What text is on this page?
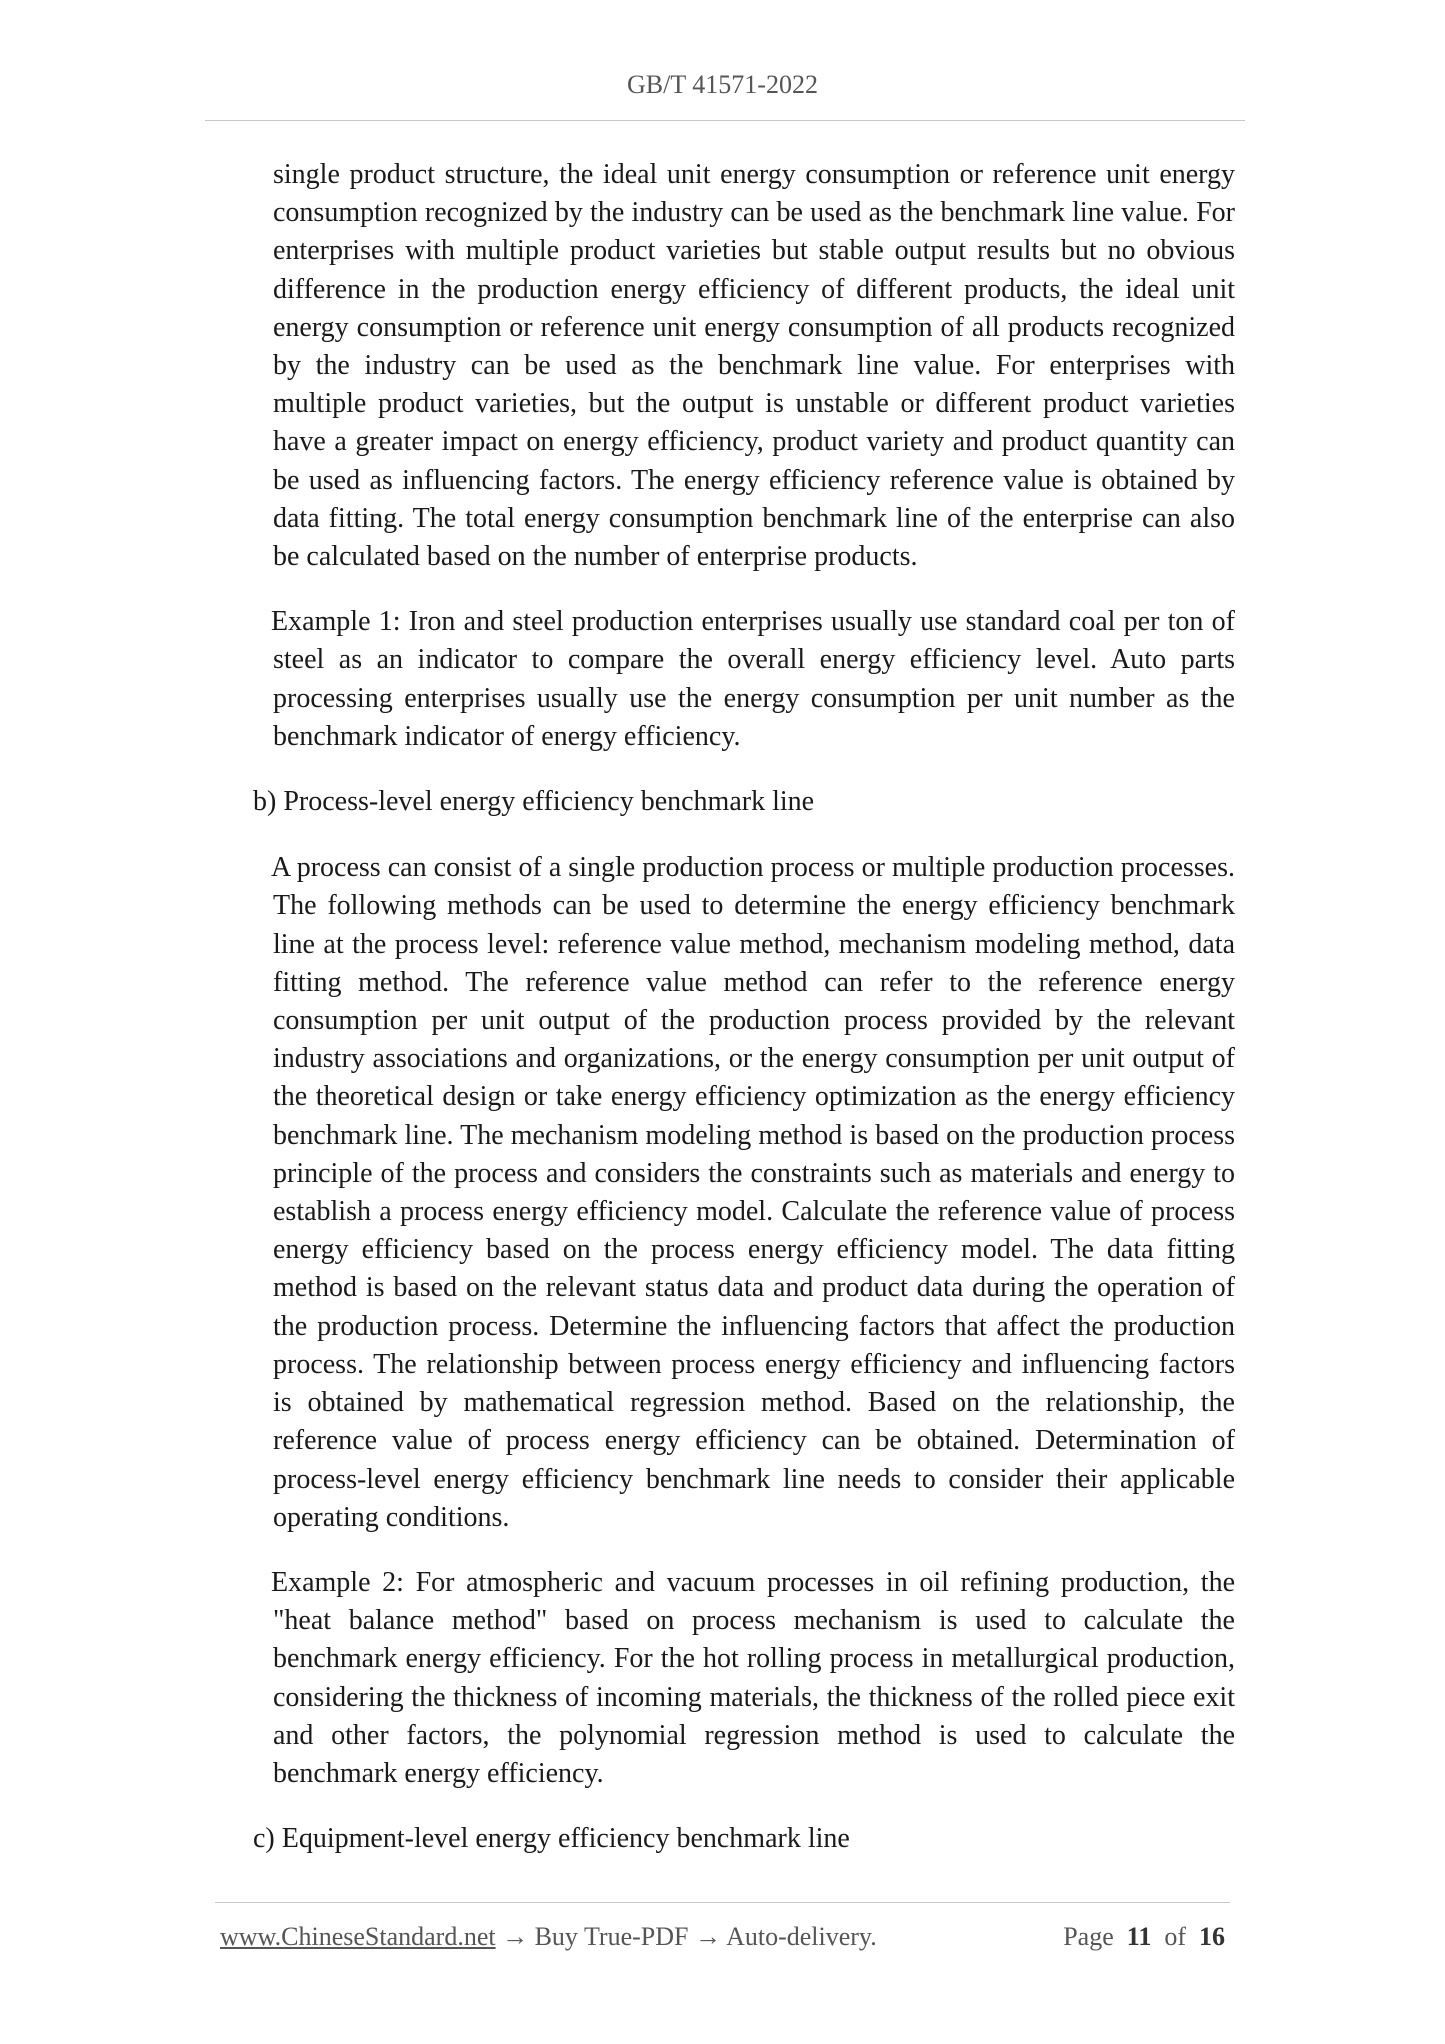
GB/T 41571-2022

single product structure, the ideal unit energy consumption or reference unit energy consumption recognized by the industry can be used as the benchmark line value. For enterprises with multiple product varieties but stable output results but no obvious difference in the production energy efficiency of different products, the ideal unit energy consumption or reference unit energy consumption of all products recognized by the industry can be used as the benchmark line value. For enterprises with multiple product varieties, but the output is unstable or different product varieties have a greater impact on energy efficiency, product variety and product quantity can be used as influencing factors. The energy efficiency reference value is obtained by data fitting. The total energy consumption benchmark line of the enterprise can also be calculated based on the number of enterprise products.

Example 1: Iron and steel production enterprises usually use standard coal per ton of steel as an indicator to compare the overall energy efficiency level. Auto parts processing enterprises usually use the energy consumption per unit number as the benchmark indicator of energy efficiency.

b) Process-level energy efficiency benchmark line

A process can consist of a single production process or multiple production processes. The following methods can be used to determine the energy efficiency benchmark line at the process level: reference value method, mechanism modeling method, data fitting method. The reference value method can refer to the reference energy consumption per unit output of the production process provided by the relevant industry associations and organizations, or the energy consumption per unit output of the theoretical design or take energy efficiency optimization as the energy efficiency benchmark line. The mechanism modeling method is based on the production process principle of the process and considers the constraints such as materials and energy to establish a process energy efficiency model. Calculate the reference value of process energy efficiency based on the process energy efficiency model. The data fitting method is based on the relevant status data and product data during the operation of the production process. Determine the influencing factors that affect the production process. The relationship between process energy efficiency and influencing factors is obtained by mathematical regression method. Based on the relationship, the reference value of process energy efficiency can be obtained. Determination of process-level energy efficiency benchmark line needs to consider their applicable operating conditions.

Example 2: For atmospheric and vacuum processes in oil refining production, the "heat balance method" based on process mechanism is used to calculate the benchmark energy efficiency. For the hot rolling process in metallurgical production, considering the thickness of incoming materials, the thickness of the rolled piece exit and other factors, the polynomial regression method is used to calculate the benchmark energy efficiency.

c) Equipment-level energy efficiency benchmark line

www.ChineseStandard.net → Buy True-PDF → Auto-delivery.	Page 11 of 16
